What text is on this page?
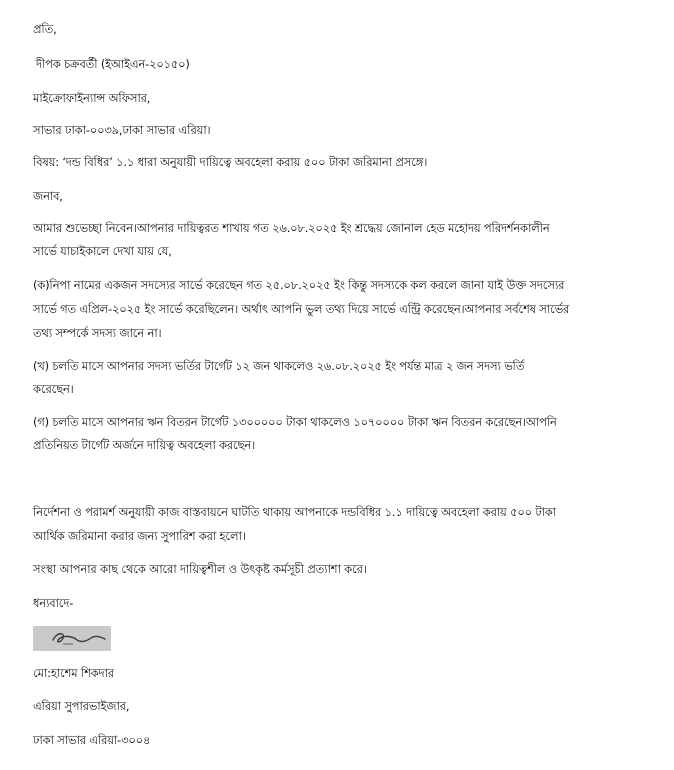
প্রতি,
দীপক চক্রবর্তী (ইআইএন-২০১৫০)
মাইক্রোফাইন্যান্স অফিসার,
সাভার ঢাকা-০০৩৯,ঢাকা সাভার এরিয়া।
বিষয়: ‘দন্ড বিধির’ ১.১ ধারা অনুযায়ী দায়িত্বে অবহেলা করায় ৫০০ টাকা জরিমানা প্রসঙ্গে।
জনাব,
আমার শুভেচ্ছা নিবেন।আপনার দায়িত্বরত শাখায় গত ২৬.০৮.২০২৫ ইং শ্রদ্ধেয় জোনাল হেড মহোদয় পরিদর্শনকালীন
সার্ভে যাচাইকালে দেখা যায় যে,
(ক)নিপা নামের একজন সদস্যের সার্ভে করেছেন গত ২৫.০৮.২০২৫ ইং কিন্তু সদস্যকে কল করলে জানা যাই উক্ত সদস্যের
সার্ভে গত এপ্রিল-২০২৫ ইং সার্ভে করেছিলেন। অর্থাৎ আপনি ভুল তথ্য দিয়ে সার্ভে এন্ট্রি করেছেন।আপনার সর্বশেষ সার্ভের
তথ্য সম্পর্কে সদস্য জানে না।
(খ) চলতি মাসে আপনার সদস্য ভর্তির টার্গেট ১২ জন থাকলেও ২৬.০৮.২০২৫ ইং পর্যন্ত মাত্র ২ জন সদস্য ভর্তি
করেছেন।
(গ) চলতি মাসে আপনার ঋন বিতরন টার্গেট ১৩০০০০০ টাকা থাকলেও ১০৭০০০০ টাকা ঋন বিতরন করেছেন।আপনি
প্রতিনিয়ত টার্গেট অর্জনে দায়িত্ব অবহেলা করছেন।
নির্দেশনা ও পরামর্শ অনুযায়ী কাজ বাস্তবায়নে ঘাটতি থাকায় আপনাকে দন্ডবিধির ১.১ দায়িত্বে অবহেলা করায় ৫০০ টাকা
আর্থিক জরিমানা করার জন্য সুপারিশ করা হলো।
সংস্থা আপনার কাছ থেকে আরো দায়িত্বশীল ও উৎকৃষ্ট কর্মসূচী প্রত্যাশা করে।
ধন্যবাদে-
মো:হাশেম শিকদার
এরিয়া সুপারভাইজার,
ঢাকা সাভার এরিয়া-৩০০৪
